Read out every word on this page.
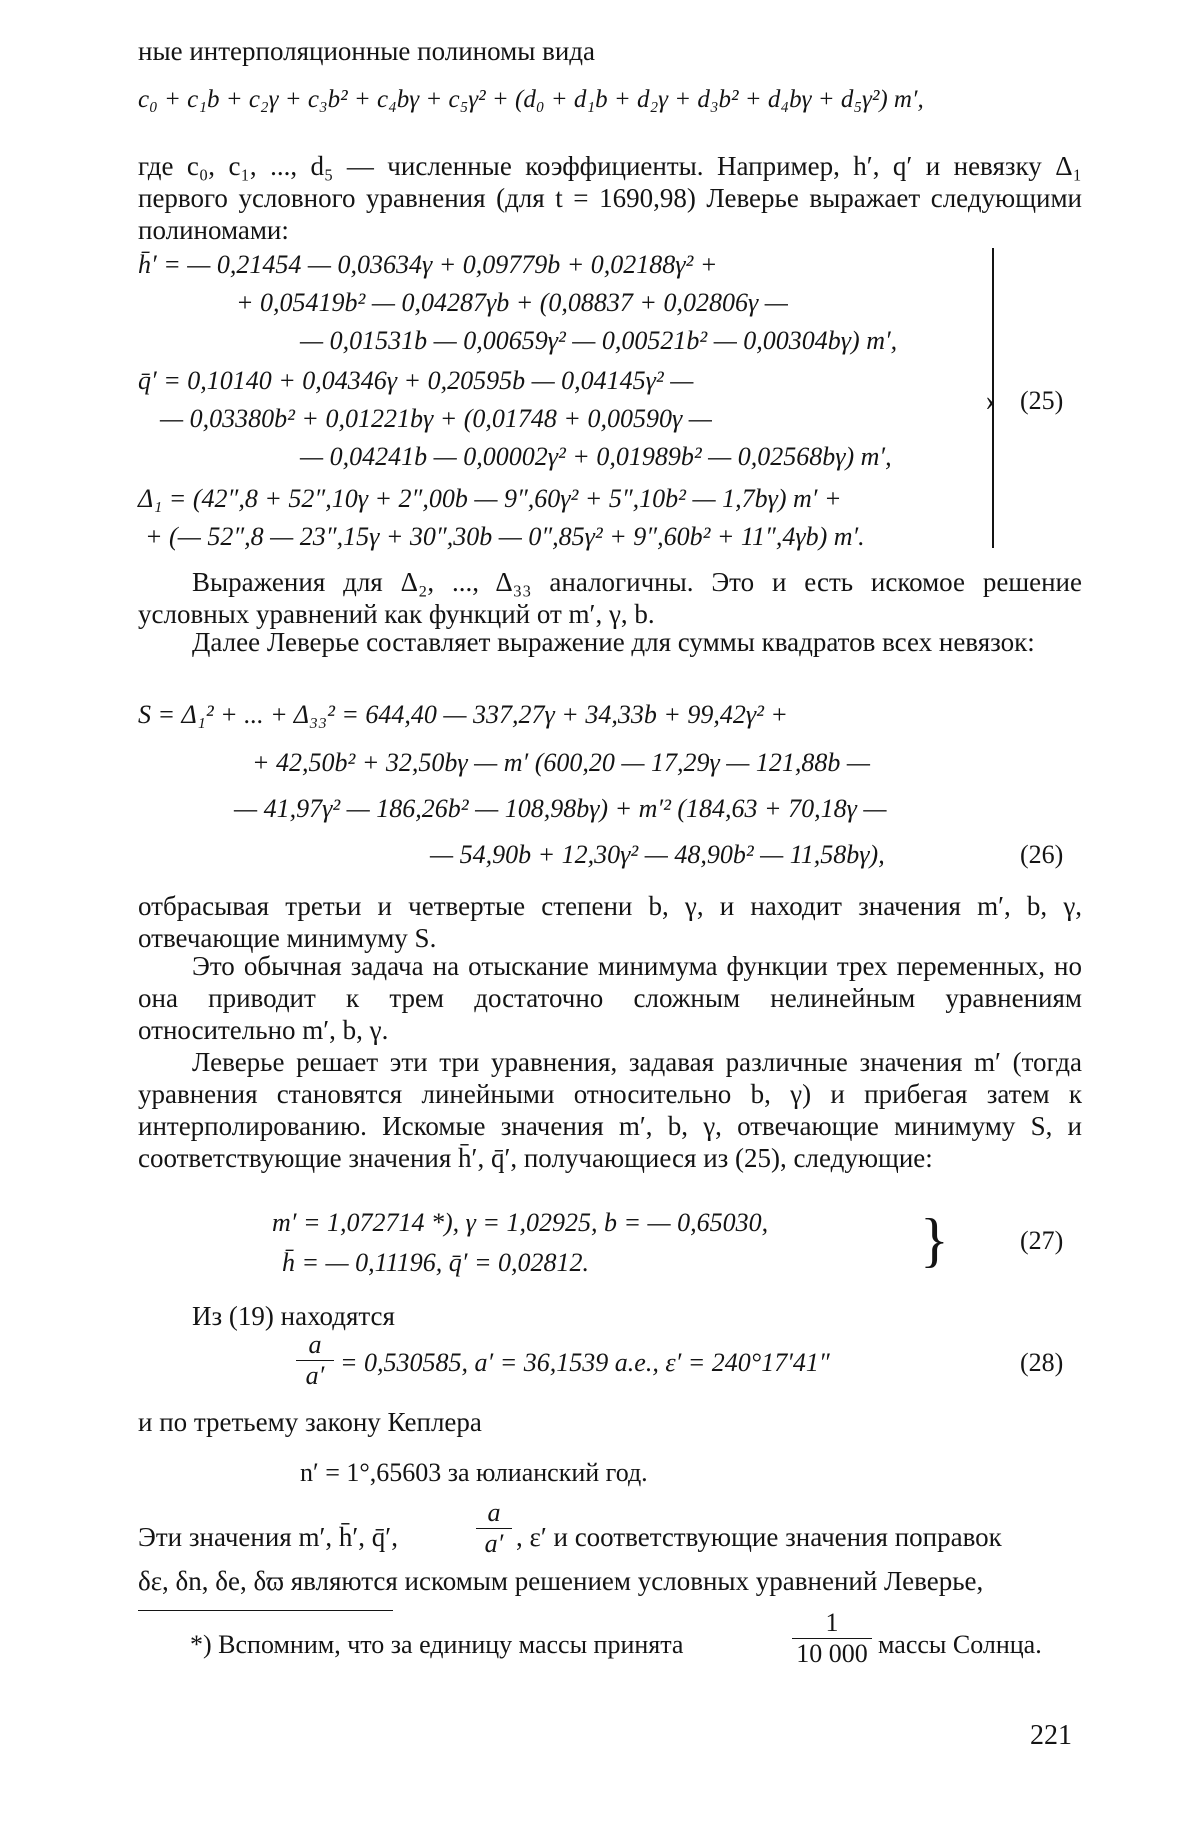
ные интерполяционные полиномы вида
c₀ + c₁b + c₂γ + c₃b² + c₄bγ + c₅γ² + (d₀ + d₁b + d₂γ + d₃b² + d₄bγ + d₅γ²) m′,
где c₀, c₁, ..., d₅ — численные коэффициенты. Например, h′, q′ и невязку Δ₁ первого условного уравнения (для t = 1690,98) Леверье выражает следующими полиномами:
h̄′ = — 0,21454 — 0,03634γ + 0,09779b + 0,02188γ² +
+ 0,05419b² — 0,04287γb + (0,08837 + 0,02806γ —
— 0,01531b — 0,00659γ² — 0,00521b² — 0,00304bγ) m′,
q̄′ = 0,10140 + 0,04346γ + 0,20595b — 0,04145γ² —
— 0,03380b² + 0,01221bγ + (0,01748 + 0,00590γ —
— 0,04241b — 0,00002γ² + 0,01989b² — 0,02568bγ) m′,
Δ₁ = (42″,8 + 52″,10γ + 2″,00b — 9″,60γ² + 5″,10b² — 1,7bγ) m′ +
+ (— 52″,8 — 23″,15γ + 30″,30b — 0″,85γ² + 9″,60b² + 11″,4γb) m′.
› (25)
Выражения для Δ₂, ..., Δ₃₃ аналогичны. Это и есть искомое решение условных уравнений как функций от m′, γ, b.
Далее Леверье составляет выражение для суммы квадратов всех невязок:
S = Δ₁² + ... + Δ₃₃² = 644,40 — 337,27γ + 34,33b + 99,42γ² +
+ 42,50b² + 32,50bγ — m′ (600,20 — 17,29γ — 121,88b —
— 41,97γ² — 186,26b² — 108,98bγ) + m′² (184,63 + 70,18γ —
— 54,90b + 12,30γ² — 48,90b² — 11,58bγ),	(26)
отбрасывая третьи и четвертые степени b, γ, и находит значения m′, b, γ, отвечающие минимуму S.
Это обычная задача на отыскание минимума функции трех переменных, но она приводит к трем достаточно сложным нелинейным уравнениям относительно m′, b, γ.
Леверье решает эти три уравнения, задавая различные значения m′ (тогда уравнения становятся линейными относительно b, γ) и прибегая затем к интерполированию. Искомые значения m′, b, γ, отвечающие минимуму S, и соответствующие значения h̄′, q̄′, получающиеся из (25), следующие:
m′ = 1,072714 *), γ = 1,02925, b = — 0,65030,
h̄ = — 0,11196, q̄′ = 0,02812.	}	(27)
Из (19) находятся
$\frac{a}{a'} = 0,530585$, a′ = 36,1539 а.е., ε′ = 240°17′41″	(28)
и по третьему закону Кеплера
n′ = 1°,65603 за юлианский год.
Эти значения m′, h̄′, q̄′,	$\frac{a}{a'}$ , ε′ и соответствующие значения поправок
δε, δn, δe, δϖ являются искомым решением условных уравнений Леверье,
*) Вспомним, что за единицу массы принята	$\frac{1}{10 000}$ массы Солнца.
221
